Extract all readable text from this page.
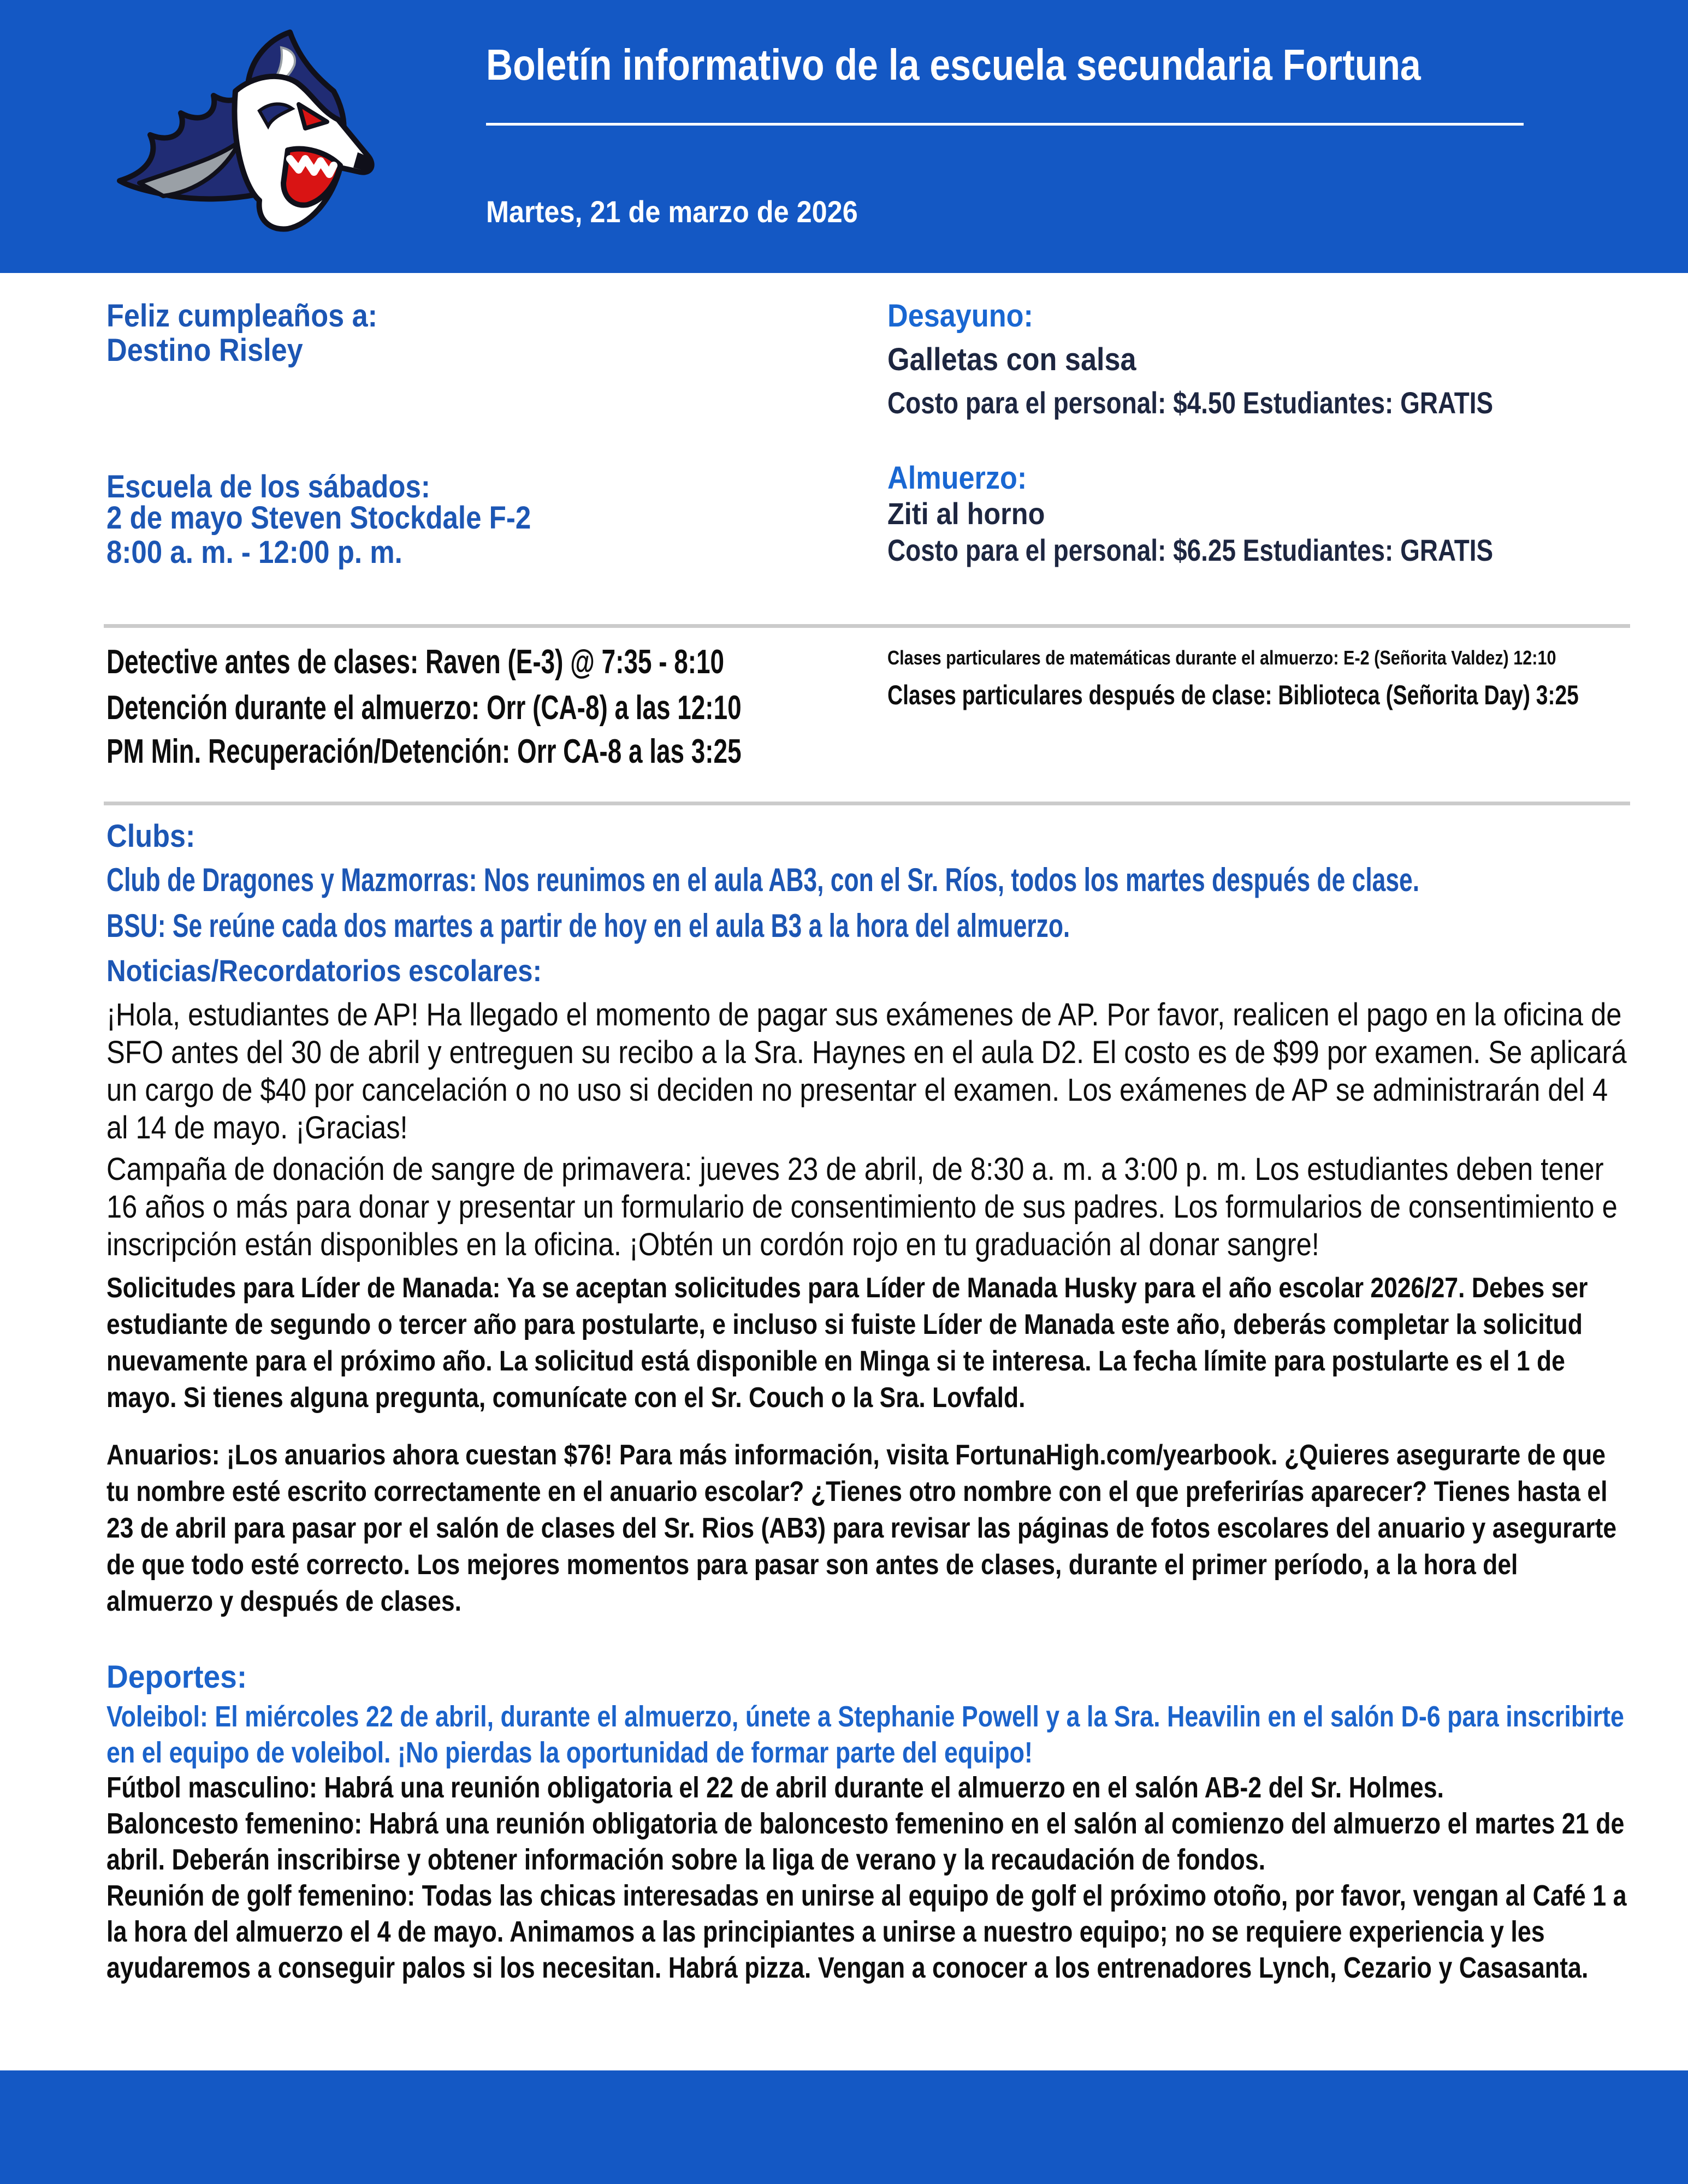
Boletín informativo de la escuela secundaria Fortuna
Martes, 21 de marzo de 2026
Feliz cumpleaños a:
Destino Risley
Escuela de los sábados:
2 de mayo Steven Stockdale F-2
8:00 a. m. - 12:00 p. m.
Desayuno:
Galletas con salsa
Costo para el personal: $4.50 Estudiantes: GRATIS
Almuerzo:
Ziti al horno
Costo para el personal: $6.25 Estudiantes: GRATIS
Detective antes de clases: Raven (E-3) @ 7:35 - 8:10
Detención durante el almuerzo: Orr (CA-8) a las 12:10
PM Min. Recuperación/Detención: Orr CA-8 a las 3:25
Clases particulares de matemáticas durante el almuerzo: E-2 (Señorita Valdez) 12:10
Clases particulares después de clase: Biblioteca (Señorita Day) 3:25
Clubs:
Club de Dragones y Mazmorras: Nos reunimos en el aula AB3, con el Sr. Ríos, todos los martes después de clase.
BSU: Se reúne cada dos martes a partir de hoy en el aula B3 a la hora del almuerzo.
Noticias/Recordatorios escolares:
¡Hola, estudiantes de AP! Ha llegado el momento de pagar sus exámenes de AP. Por favor, realicen el pago en la oficina de SFO antes del 30 de abril y entreguen su recibo a la Sra. Haynes en el aula D2. El costo es de $99 por examen. Se aplicará un cargo de $40 por cancelación o no uso si deciden no presentar el examen. Los exámenes de AP se administrarán del 4 al 14 de mayo. ¡Gracias!
Campaña de donación de sangre de primavera: jueves 23 de abril, de 8:30 a. m. a 3:00 p. m. Los estudiantes deben tener 16 años o más para donar y presentar un formulario de consentimiento de sus padres. Los formularios de consentimiento e inscripción están disponibles en la oficina. ¡Obtén un cordón rojo en tu graduación al donar sangre!
Solicitudes para Líder de Manada: Ya se aceptan solicitudes para Líder de Manada Husky para el año escolar 2026/27. Debes ser estudiante de segundo o tercer año para postularte, e incluso si fuiste Líder de Manada este año, deberás completar la solicitud nuevamente para el próximo año. La solicitud está disponible en Minga si te interesa. La fecha límite para postularte es el 1 de mayo. Si tienes alguna pregunta, comunícate con el Sr. Couch o la Sra. Lovfald.
Anuarios: ¡Los anuarios ahora cuestan $76! Para más información, visita FortunaHigh.com/yearbook. ¿Quieres asegurarte de que tu nombre esté escrito correctamente en el anuario escolar? ¿Tienes otro nombre con el que preferirías aparecer? Tienes hasta el 23 de abril para pasar por el salón de clases del Sr. Rios (AB3) para revisar las páginas de fotos escolares del anuario y asegurarte de que todo esté correcto. Los mejores momentos para pasar son antes de clases, durante el primer período, a la hora del almuerzo y después de clases.
Deportes:
Voleibol: El miércoles 22 de abril, durante el almuerzo, únete a Stephanie Powell y a la Sra. Heavilin en el salón D-6 para inscribirte en el equipo de voleibol. ¡No pierdas la oportunidad de formar parte del equipo!

Fútbol masculino: Habrá una reunión obligatoria el 22 de abril durante el almuerzo en el salón AB-2 del Sr. Holmes.

Baloncesto femenino: Habrá una reunión obligatoria de baloncesto femenino en el salón al comienzo del almuerzo el martes 21 de abril. Deberán inscribirse y obtener información sobre la liga de verano y la recaudación de fondos.

Reunión de golf femenino: Todas las chicas interesadas en unirse al equipo de golf el próximo otoño, por favor, vengan al Café 1 a la hora del almuerzo el 4 de mayo. Animamos a las principiantes a unirse a nuestro equipo; no se requiere experiencia y les ayudaremos a conseguir palos si los necesitan. Habrá pizza. Vengan a conocer a los entrenadores Lynch, Cezario y Casasanta.
